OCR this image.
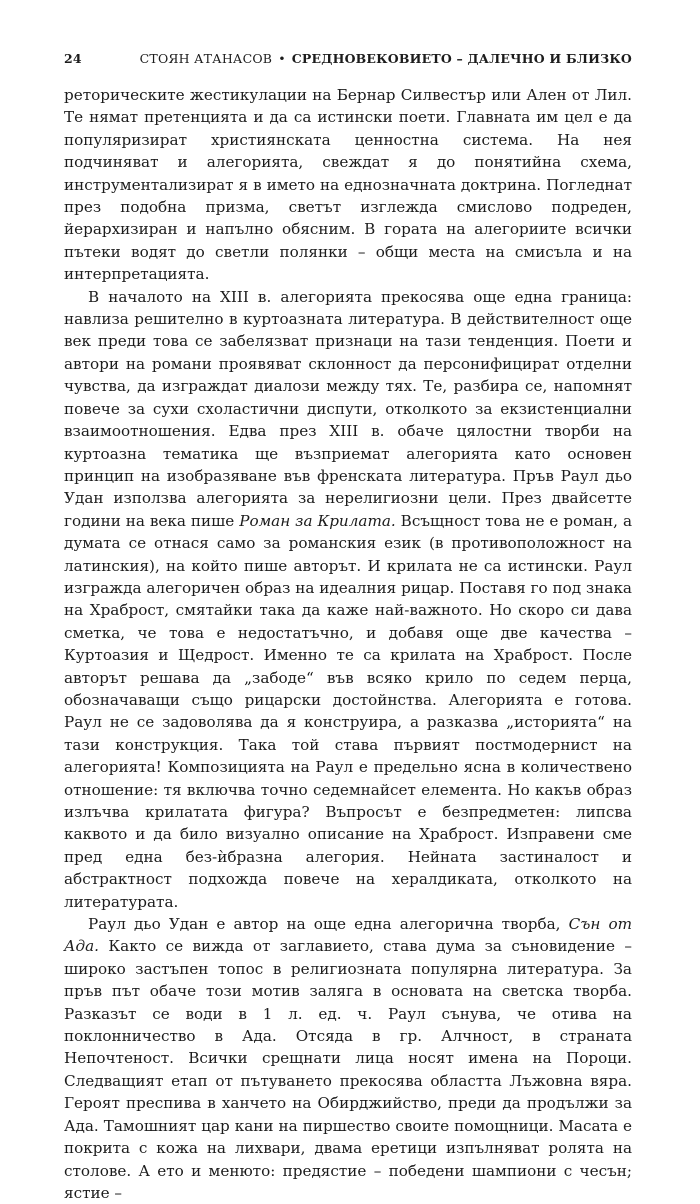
24	СТОЯН АТАНАСОВ • СРЕДНОВЕКОВИЕТО – ДАЛЕЧНО И БЛИЗКО

реторическите жестикулации на Бернар Силвестър или Ален от Лил. Те нямат претенцията и да са истински поети. Главната им цел е да популяризират християнската ценностна система. На нея подчиняват и алегорията, свеждат я до понятийна схема, инструментализират я в името на еднозначната доктрина. Погледнат през подобна призма, светът изглежда смислово подреден, йерархизиран и напълно обясним. В гората на алегориите всички пътеки водят до светли полянки – общи места на смисъла и на интерпретацията.

В началото на XIII в. алегорията прекосява още една граница: навлиза решително в куртоазната литература. В действителност още век преди това се забелязват признаци на тази тенденция. Поети и автори на романи проявяват склонност да персонифицират отделни чувства, да изграждат диалози между тях. Те, разбира се, напомнят повече за сухи схоластични диспути, отколкото за екзистенциални взаимоотношения. Едва през XIII в. обаче цялостни творби на куртоазна тематика ще възприемат алегорията като основен принцип на изобразяване във френската литература. Пръв Раул дьо Удан използва алегорията за нерелигиозни цели. През двайсетте години на века пише Роман за Крилата. Всъщност това не е роман, а думата се отнася само за романския език (в противоположност на латинския), на който пише авторът. И крилата не са истински. Раул изгражда алегоричен образ на идеалния рицар. Поставя го под знака на Храброст, смятайки така да каже най-важното. Но скоро си дава сметка, че това е недостатъчно, и добавя още две качества – Куртоазия и Щедрост. Именно те са крилата на Храброст. После авторът решава да „забоде“ във всяко крило по седем перца, обозначаващи също рицарски достойнства. Алегорията е готова. Раул не се задоволява да я конструира, а разказва „историята“ на тази конструкция. Така той става първият постмодернист на алегорията! Композицията на Раул е предельно ясна в количествено отношение: тя включва точно седемнайсет елемента. Но какъв образ излъчва крилатата фигура? Въпросът е безпредметен: липсва каквото и да било визуално описание на Храброст. Изправени сме пред една без-ѝбразна алегория. Нейната застиналост и абстрактност подхожда повече на хералдиката, отколкото на литературата.

Раул дьо Удан е автор на още една алегорична творба, Сън от Ада. Както се вижда от заглавието, става дума за съновидение – широко застъпен топос в религиозната популярна литература. За пръв път обаче този мотив заляга в основата на светска творба. Разказът се води в 1 л. ед. ч. Раул сънува, че отива на поклонничество в Ада. Отсяда в гр. Алчност, в страната Непочтеност. Всички срещнати лица носят имена на Пороци. Следващият етап от пътуването прекосява областта Лъжовна вяра. Героят преспива в ханчето на Обирджийство, преди да продължи за Ада. Тамошният цар кани на пиршество своите помощници. Масата е покрита с кожа на лихвари, двама еретици изпълняват ролята на столове. А ето и менюто: предястие – победени шампиони с чесън; ястие –
